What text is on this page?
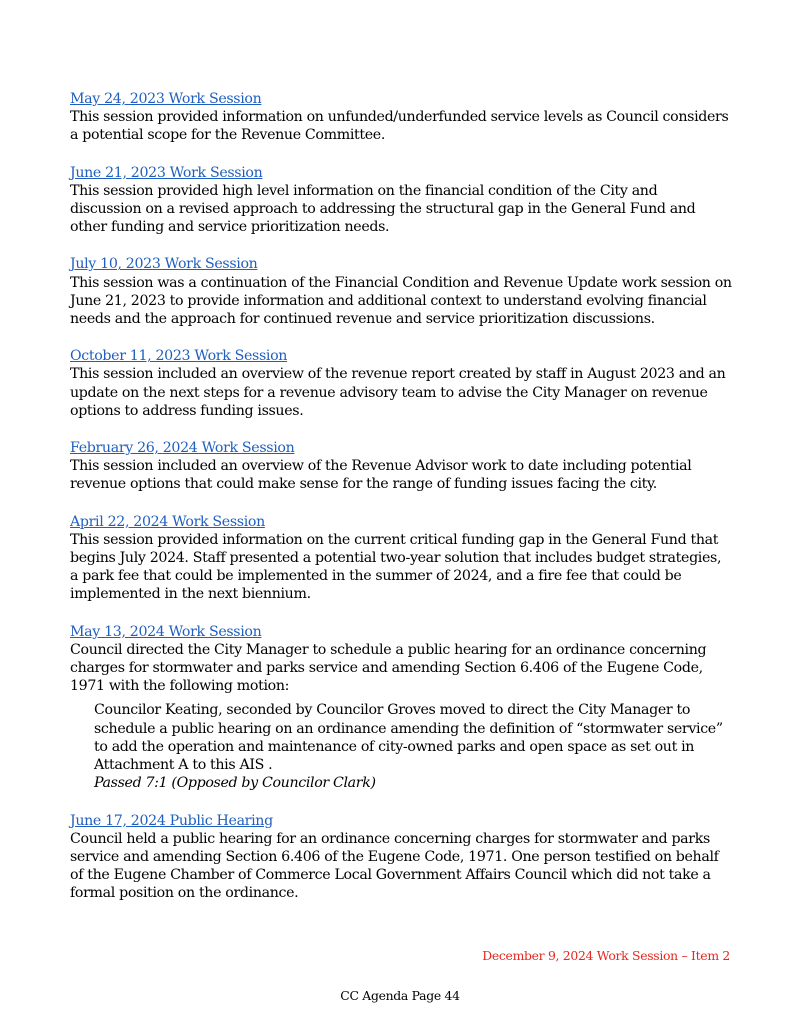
May 24, 2023 Work Session

This session provided information on unfunded/underfunded service levels as Council considers a potential scope for the Revenue Committee.

June 21, 2023 Work Session

This session provided high level information on the financial condition of the City and discussion on a revised approach to addressing the structural gap in the General Fund and other funding and service prioritization needs.

July 10, 2023 Work Session

This session was a continuation of the Financial Condition and Revenue Update work session on June 21, 2023 to provide information and additional context to understand evolving financial needs and the approach for continued revenue and service prioritization discussions.

October 11, 2023 Work Session

This session included an overview of the revenue report created by staff in August 2023 and an update on the next steps for a revenue advisory team to advise the City Manager on revenue options to address funding issues.

February 26, 2024 Work Session

This session included an overview of the Revenue Advisor work to date including potential revenue options that could make sense for the range of funding issues facing the city.

April 22, 2024 Work Session

This session provided information on the current critical funding gap in the General Fund that begins July 2024. Staff presented a potential two-year solution that includes budget strategies, a park fee that could be implemented in the summer of 2024, and a fire fee that could be implemented in the next biennium.

May 13, 2024 Work Session

Council directed the City Manager to schedule a public hearing for an ordinance concerning charges for stormwater and parks service and amending Section 6.406 of the Eugene Code, 1971 with the following motion:

Councilor Keating, seconded by Councilor Groves moved to direct the City Manager to schedule a public hearing on an ordinance amending the definition of “stormwater service” to add the operation and maintenance of city-owned parks and open space as set out in Attachment A to this AIS .

Passed 7:1 (Opposed by Councilor Clark)

June 17, 2024 Public Hearing

Council held a public hearing for an ordinance concerning charges for stormwater and parks service and amending Section 6.406 of the Eugene Code, 1971. One person testified on behalf of the Eugene Chamber of Commerce Local Government Affairs Council which did not take a formal position on the ordinance.

December 9, 2024 Work Session – Item 2
CC Agenda Page 44
